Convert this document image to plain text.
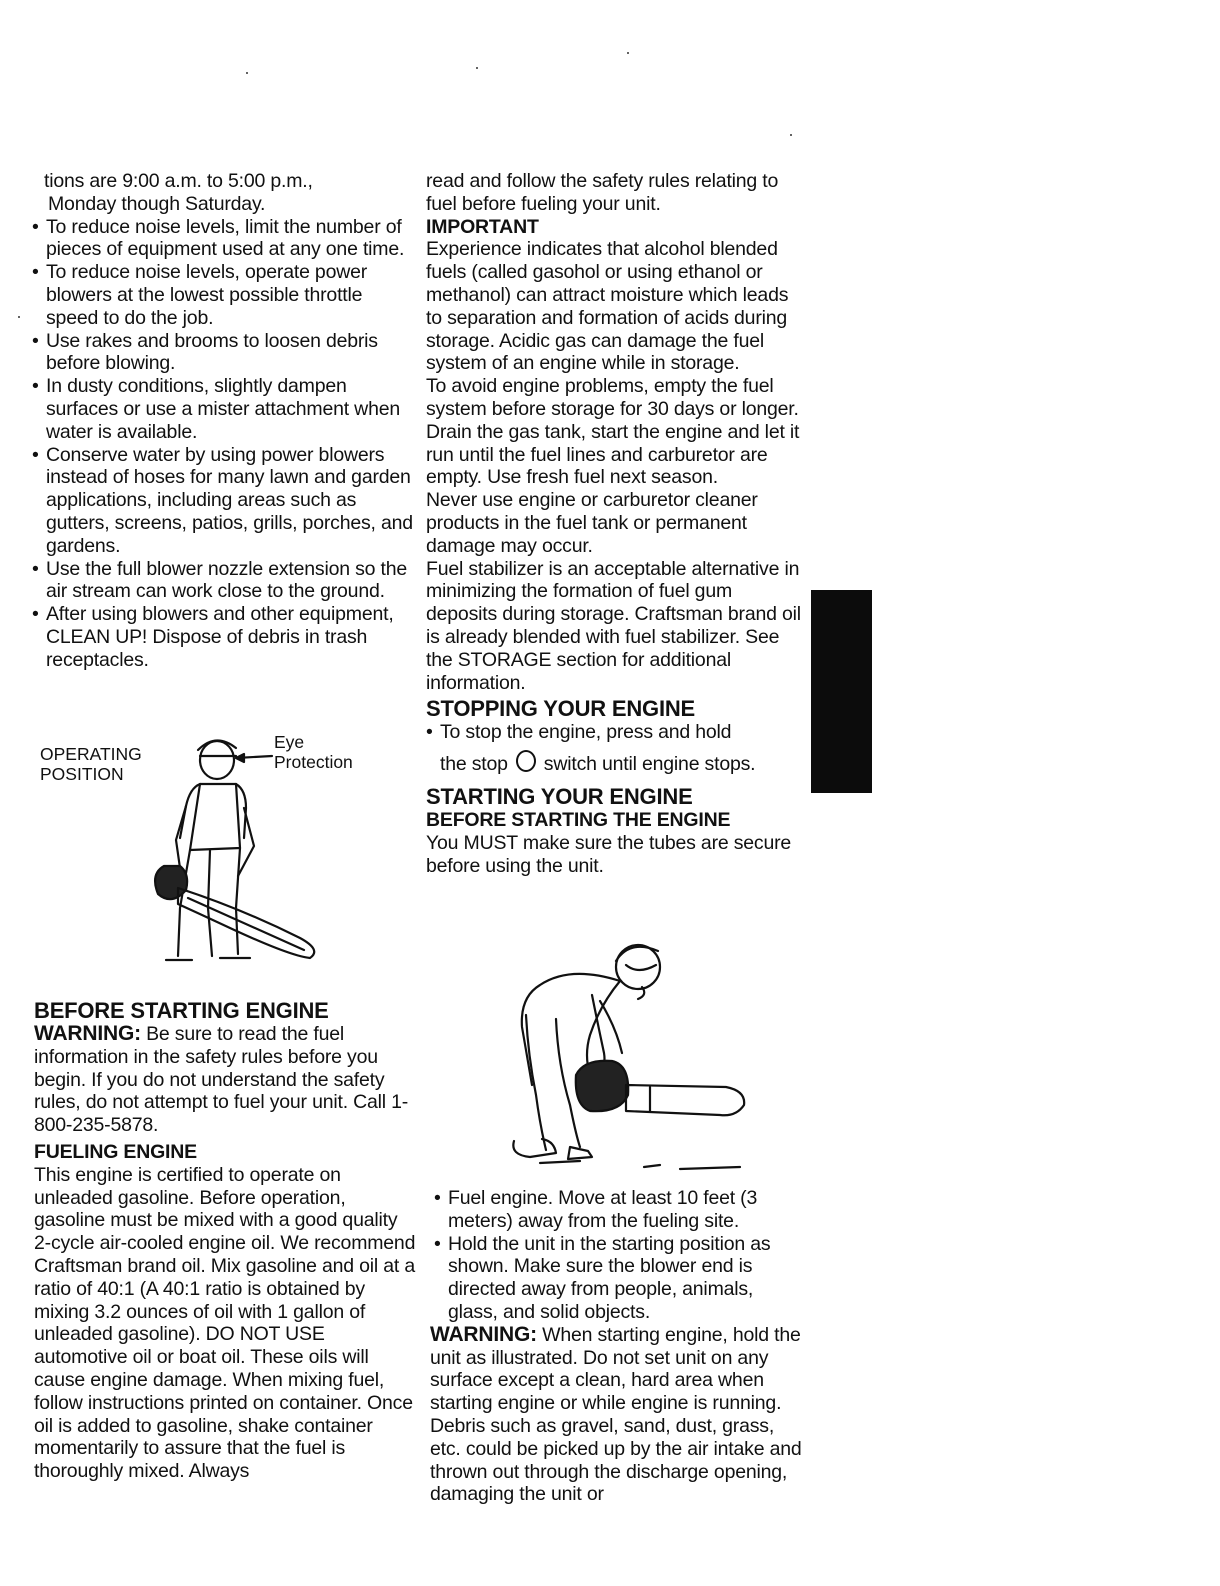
tions are 9:00 a.m. to 5:00 p.m.,

Monday though Saturday.

• To reduce noise levels, limit the number of pieces of equipment used at any one time.
• To reduce noise levels, operate power blowers at the lowest possible throttle speed to do the job.
• Use rakes and brooms to loosen debris before blowing.
• In dusty conditions, slightly dampen surfaces or use a mister attachment when water is available.
• Conserve water by using power blowers instead of hoses for many lawn and garden applications, including areas such as gutters, screens, patios, grills, porches, and gardens.
• Use the full blower nozzle extension so the air stream can work close to the ground.
• After using blowers and other equipment, CLEAN UP! Dispose of debris in trash receptacles.
OPERATING
POSITION
Eye
Protection
BEFORE STARTING ENGINE

WARNING: Be sure to read the fuel information in the safety rules before you begin. If you do not understand the safety rules, do not attempt to fuel your unit. Call 1-800-235-5878.

FUELING ENGINE

This engine is certified to operate on unleaded gasoline. Before operation, gasoline must be mixed with a good quality 2-cycle air-cooled engine oil. We recommend Craftsman brand oil. Mix gasoline and oil at a ratio of 40:1 (A 40:1 ratio is obtained by mixing 3.2 ounces of oil with 1 gallon of unleaded gasoline). DO NOT USE automotive oil or boat oil. These oils will cause engine damage. When mixing fuel, follow instructions printed on container. Once oil is added to gasoline, shake container momentarily to assure that the fuel is thoroughly mixed. Always

read and follow the safety rules relating to fuel before fueling your unit.

IMPORTANT

Experience indicates that alcohol blended fuels (called gasohol or using ethanol or methanol) can attract moisture which leads to separation and formation of acids during storage. Acidic gas can damage the fuel system of an engine while in storage.

To avoid engine problems, empty the fuel system before storage for 30 days or longer. Drain the gas tank, start the engine and let it run until the fuel lines and carburetor are empty. Use fresh fuel next season.

Never use engine or carburetor cleaner products in the fuel tank or permanent damage may occur.

Fuel stabilizer is an acceptable alternative in minimizing the formation of fuel gum deposits during storage. Craftsman brand oil is already blended with fuel stabilizer. See the STORAGE section for additional information.

STOPPING YOUR ENGINE
• To stop the engine, press and hold
the stop switch until engine stops.
STARTING YOUR ENGINE
BEFORE STARTING THE ENGINE

You MUST make sure the tubes are secure before using the unit.

• Fuel engine. Move at least 10 feet (3 meters) away from the fueling site.
• Hold the unit in the starting position as shown. Make sure the blower end is directed away from people, animals, glass, and solid objects.

WARNING: When starting engine, hold the unit as illustrated. Do not set unit on any surface except a clean, hard area when starting engine or while engine is running. Debris such as gravel, sand, dust, grass, etc. could be picked up by the air intake and thrown out through the discharge opening, damaging the unit or
